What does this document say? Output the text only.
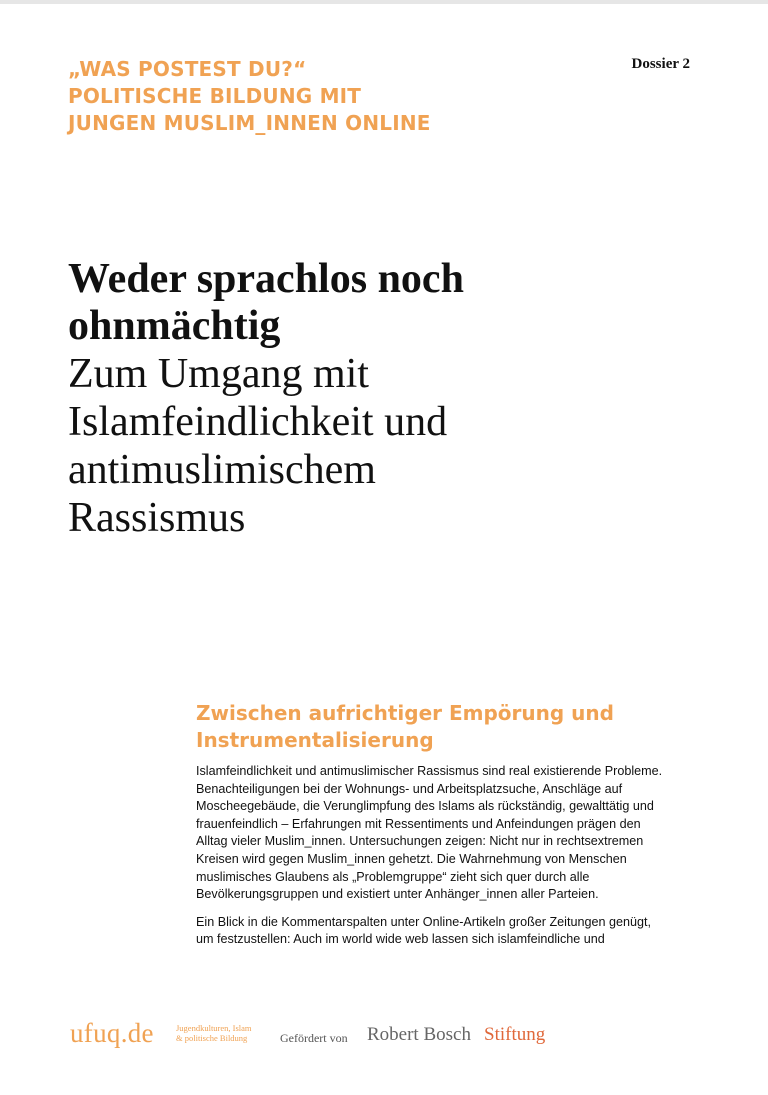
„WAS POSTEST DU?“
POLITISCHE BILDUNG MIT
JUNGEN MUSLIM_INNEN ONLINE
Dossier 2
Weder sprachlos noch
ohnmächtig
Zum Umgang mit
Islamfeindlichkeit und
antimuslimischem
Rassismus
Zwischen aufrichtiger Empörung und
Instrumentalisierung

Islamfeindlichkeit und antimuslimischer Rassismus sind real existierende Probleme.
Benachteiligungen bei der Wohnungs- und Arbeitsplatzsuche, Anschläge auf
Moscheegebäude, die Verunglimpfung des Islams als rückständig, gewalttätig und
frauenfeindlich – Erfahrungen mit Ressentiments und Anfeindungen prägen den
Alltag vieler Muslim_innen. Untersuchungen zeigen: Nicht nur in rechtsextremen
Kreisen wird gegen Muslim_innen gehetzt. Die Wahrnehmung von Menschen
muslimisches Glaubens als „Problemgruppe“ zieht sich quer durch alle
Bevölkerungsgruppen und existiert unter Anhänger_innen aller Parteien.

Ein Blick in die Kommentarspalten unter Online-Artikeln großer Zeitungen genügt,
um festzustellen: Auch im world wide web lassen sich islamfeindliche und

ufuq.de	Jugendkulturen, Islam
& politische Bildung	Gefördert von Robert Bosch Stiftung
